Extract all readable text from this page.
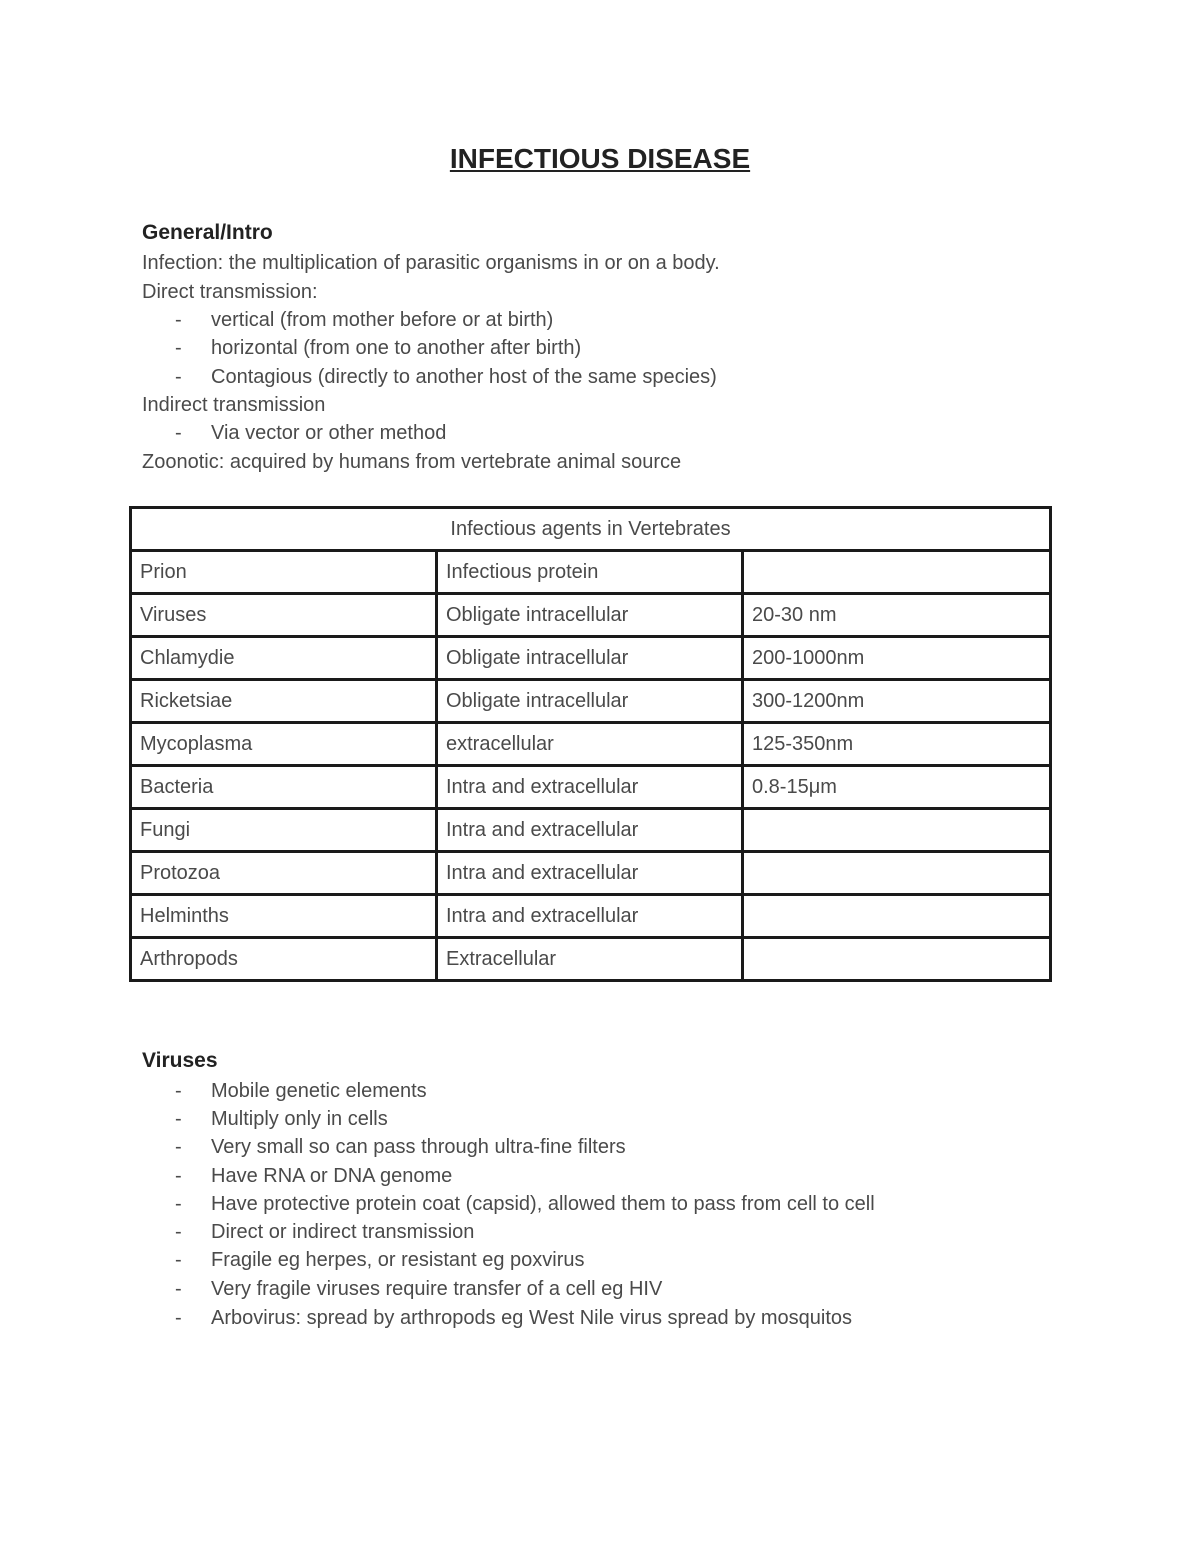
INFECTIOUS DISEASE
General/Intro
Infection: the multiplication of parasitic organisms in or on a body.
Direct transmission:
- vertical (from mother before or at birth)
- horizontal (from one to another after birth)
- Contagious (directly to another host of the same species)
Indirect transmission
- Via vector or other method
Zoonotic: acquired by humans from vertebrate animal source
Infectious agents in Vertebrates		
Prion	Infectious protein	
Viruses	Obligate intracellular	20-30 nm
Chlamydie	Obligate intracellular	200-1000nm
Ricketsiae	Obligate intracellular	300-1200nm
Mycoplasma	extracellular	125-350nm
Bacteria	Intra and extracellular	0.8-15μm
Fungi	Intra and extracellular	
Protozoa	Intra and extracellular	
Helminths	Intra and extracellular	
Arthropods	Extracellular	
Viruses
- Mobile genetic elements
- Multiply only in cells
- Very small so can pass through ultra-fine filters
- Have RNA or DNA genome
- Have protective protein coat (capsid), allowed them to pass from cell to cell
- Direct or indirect transmission
- Fragile eg herpes, or resistant eg poxvirus
- Very fragile viruses require transfer of a cell eg HIV
- Arbovirus: spread by arthropods eg West Nile virus spread by mosquitos
